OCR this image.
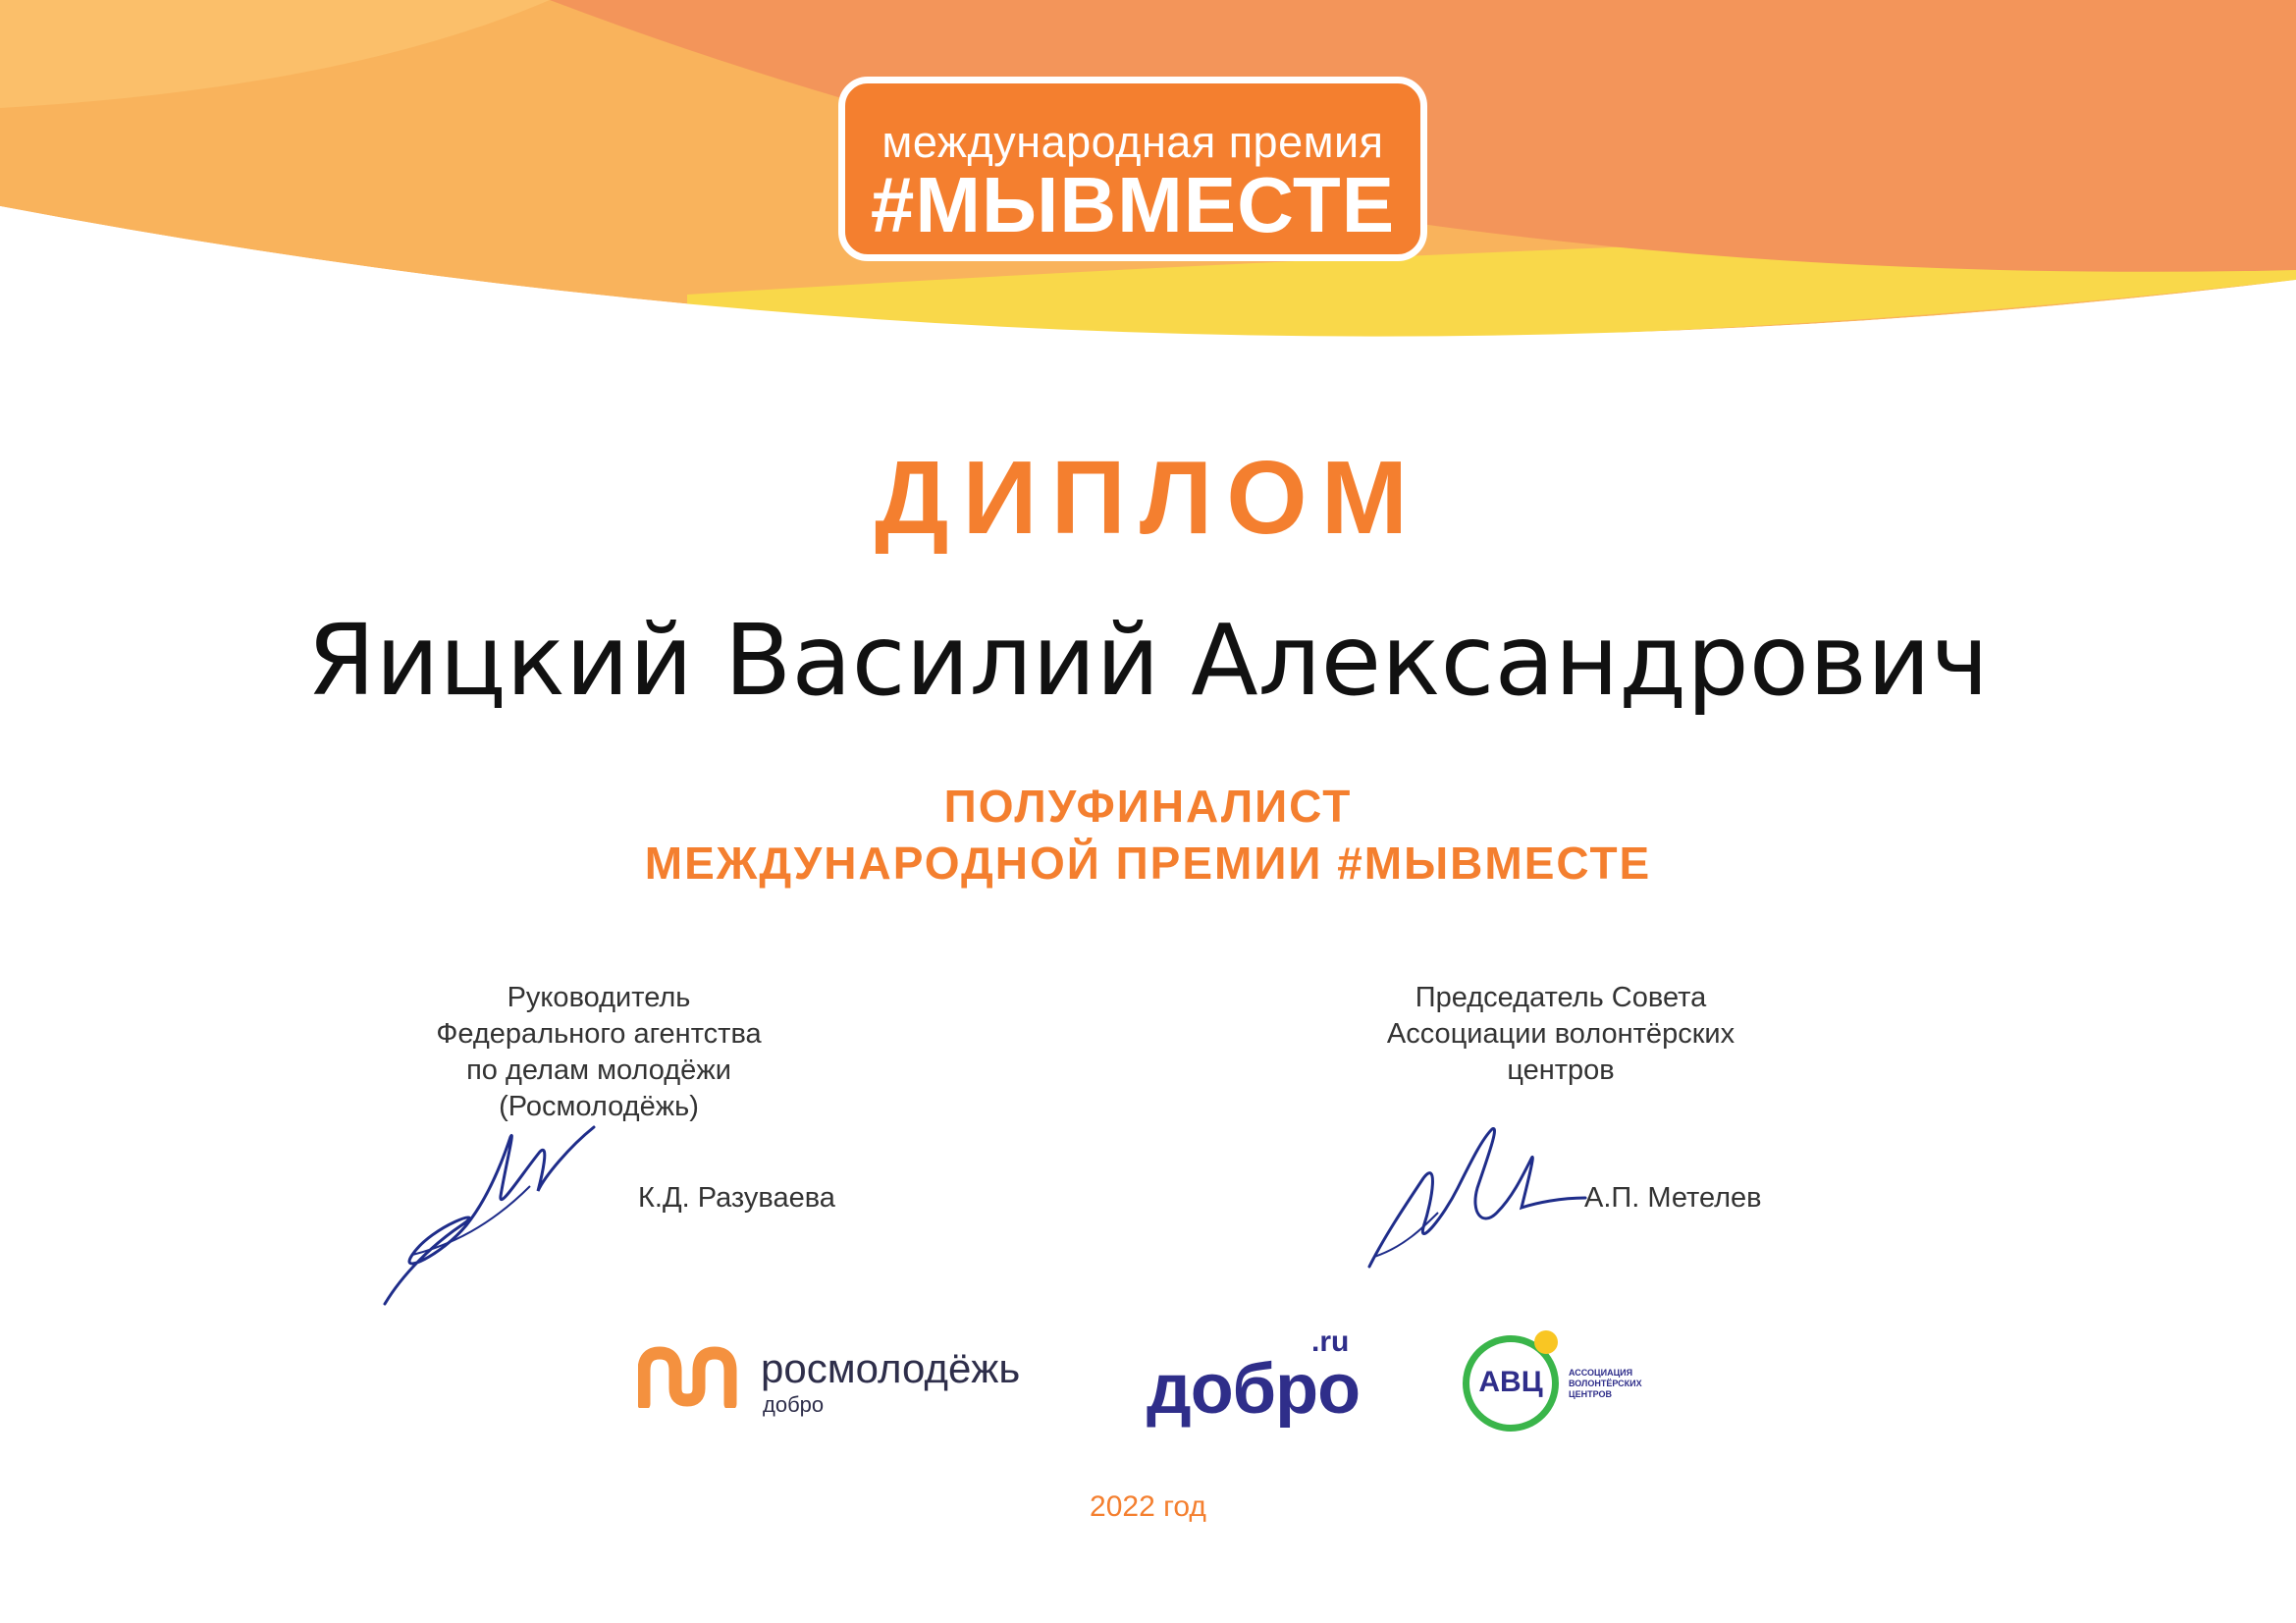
международная премия
#МЫВМЕСТЕ
ДИПЛОМ
Яицкий Василий Александрович
ПОЛУФИНАЛИСТ
МЕЖДУНАРОДНОЙ ПРЕМИИ #МЫВМЕСТЕ
Руководитель
Федерального агентства
по делам молодёжи
(Росмолодёжь)
Председатель Совета
Ассоциации волонтёрских
центров
К.Д. Разуваева	А.П. Метелев
росмолодёжь
добро
.ru
добро	АВЦ	АССОЦИАЦИЯ ВОЛОНТЁРСКИХ ЦЕНТРОВ
2022 год
